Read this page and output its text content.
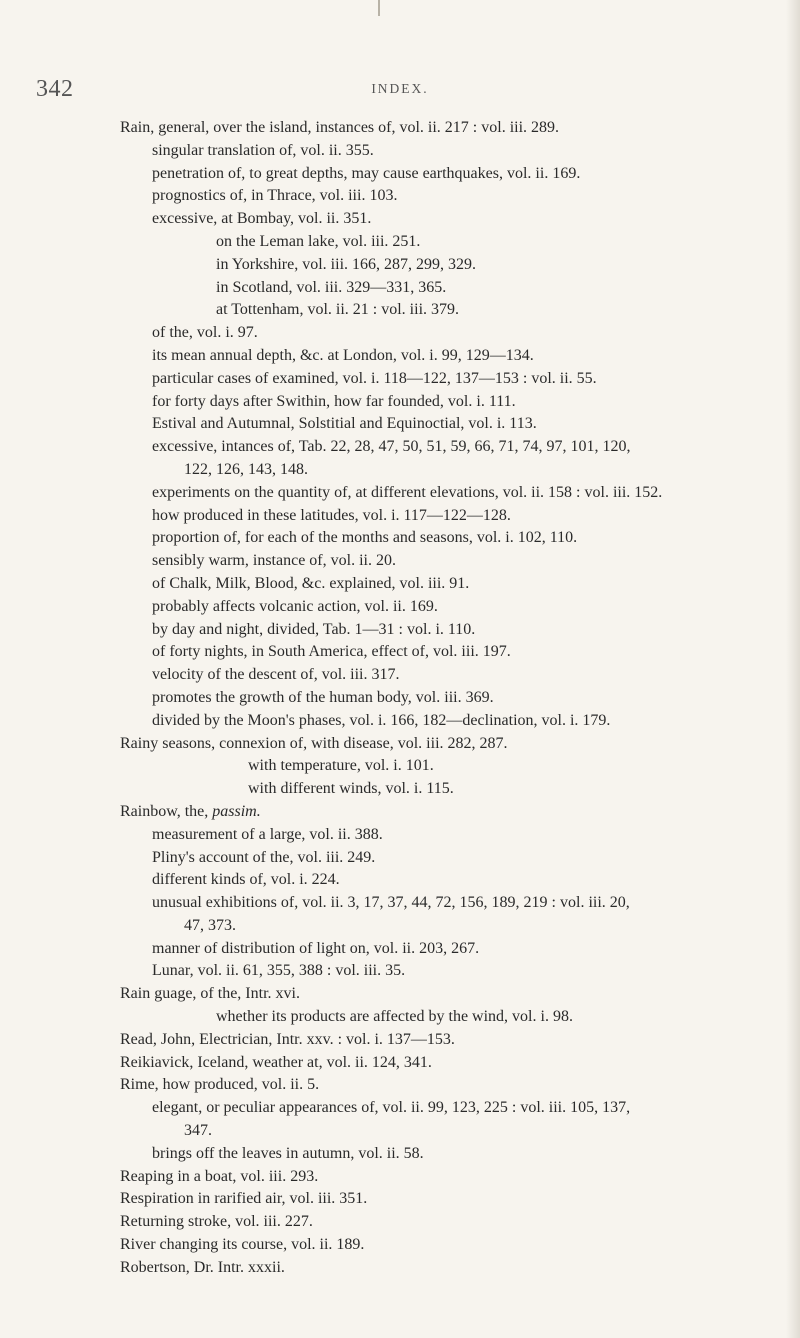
342	INDEX.
Rain, general, over the island, instances of, vol. ii. 217 : vol. iii. 289.
singular translation of, vol. ii. 355.
penetration of, to great depths, may cause earthquakes, vol. ii. 169.
prognostics of, in Thrace, vol. iii. 103.
excessive, at Bombay, vol. ii. 351.
on the Leman lake, vol. iii. 251.
in Yorkshire, vol. iii. 166, 287, 299, 329.
in Scotland, vol. iii. 329—331, 365.
at Tottenham, vol. ii. 21 : vol. iii. 379.
of the, vol. i. 97.
its mean annual depth, &c. at London, vol. i. 99, 129—134.
particular cases of examined, vol. i. 118—122, 137—153 : vol. ii. 55.
for forty days after Swithin, how far founded, vol. i. 111.
Estival and Autumnal, Solstitial and Equinoctial, vol. i. 113.
excessive, intances of, Tab. 22, 28, 47, 50, 51, 59, 66, 71, 74, 97, 101, 120,
122, 126, 143, 148.
experiments on the quantity of, at different elevations, vol. ii. 158 : vol. iii. 152.
how produced in these latitudes, vol. i. 117—122—128.
proportion of, for each of the months and seasons, vol. i. 102, 110.
sensibly warm, instance of, vol. ii. 20.
of Chalk, Milk, Blood, &c. explained, vol. iii. 91.
probably affects volcanic action, vol. ii. 169.
by day and night, divided, Tab. 1—31 : vol. i. 110.
of forty nights, in South America, effect of, vol. iii. 197.
velocity of the descent of, vol. iii. 317.
promotes the growth of the human body, vol. iii. 369.
divided by the Moon's phases, vol. i. 166, 182—declination, vol. i. 179.
Rainy seasons, connexion of, with disease, vol. iii. 282, 287.
with temperature, vol. i. 101.
with different winds, vol. i. 115.
Rainbow, the, passim.
measurement of a large, vol. ii. 388.
Pliny's account of the, vol. iii. 249.
different kinds of, vol. i. 224.
unusual exhibitions of, vol. ii. 3, 17, 37, 44, 72, 156, 189, 219 : vol. iii. 20,
47, 373.
manner of distribution of light on, vol. ii. 203, 267.
Lunar, vol. ii. 61, 355, 388 : vol. iii. 35.
Rain guage, of the, Intr. xvi.
whether its products are affected by the wind, vol. i. 98.
Read, John, Electrician, Intr. xxv. : vol. i. 137—153.
Reikiavick, Iceland, weather at, vol. ii. 124, 341.
Rime, how produced, vol. ii. 5.
elegant, or peculiar appearances of, vol. ii. 99, 123, 225 : vol. iii. 105, 137,
347.
brings off the leaves in autumn, vol. ii. 58.
Reaping in a boat, vol. iii. 293.
Respiration in rarified air, vol. iii. 351.
Returning stroke, vol. iii. 227.
River changing its course, vol. ii. 189.
Robertson, Dr. Intr. xxxii.
